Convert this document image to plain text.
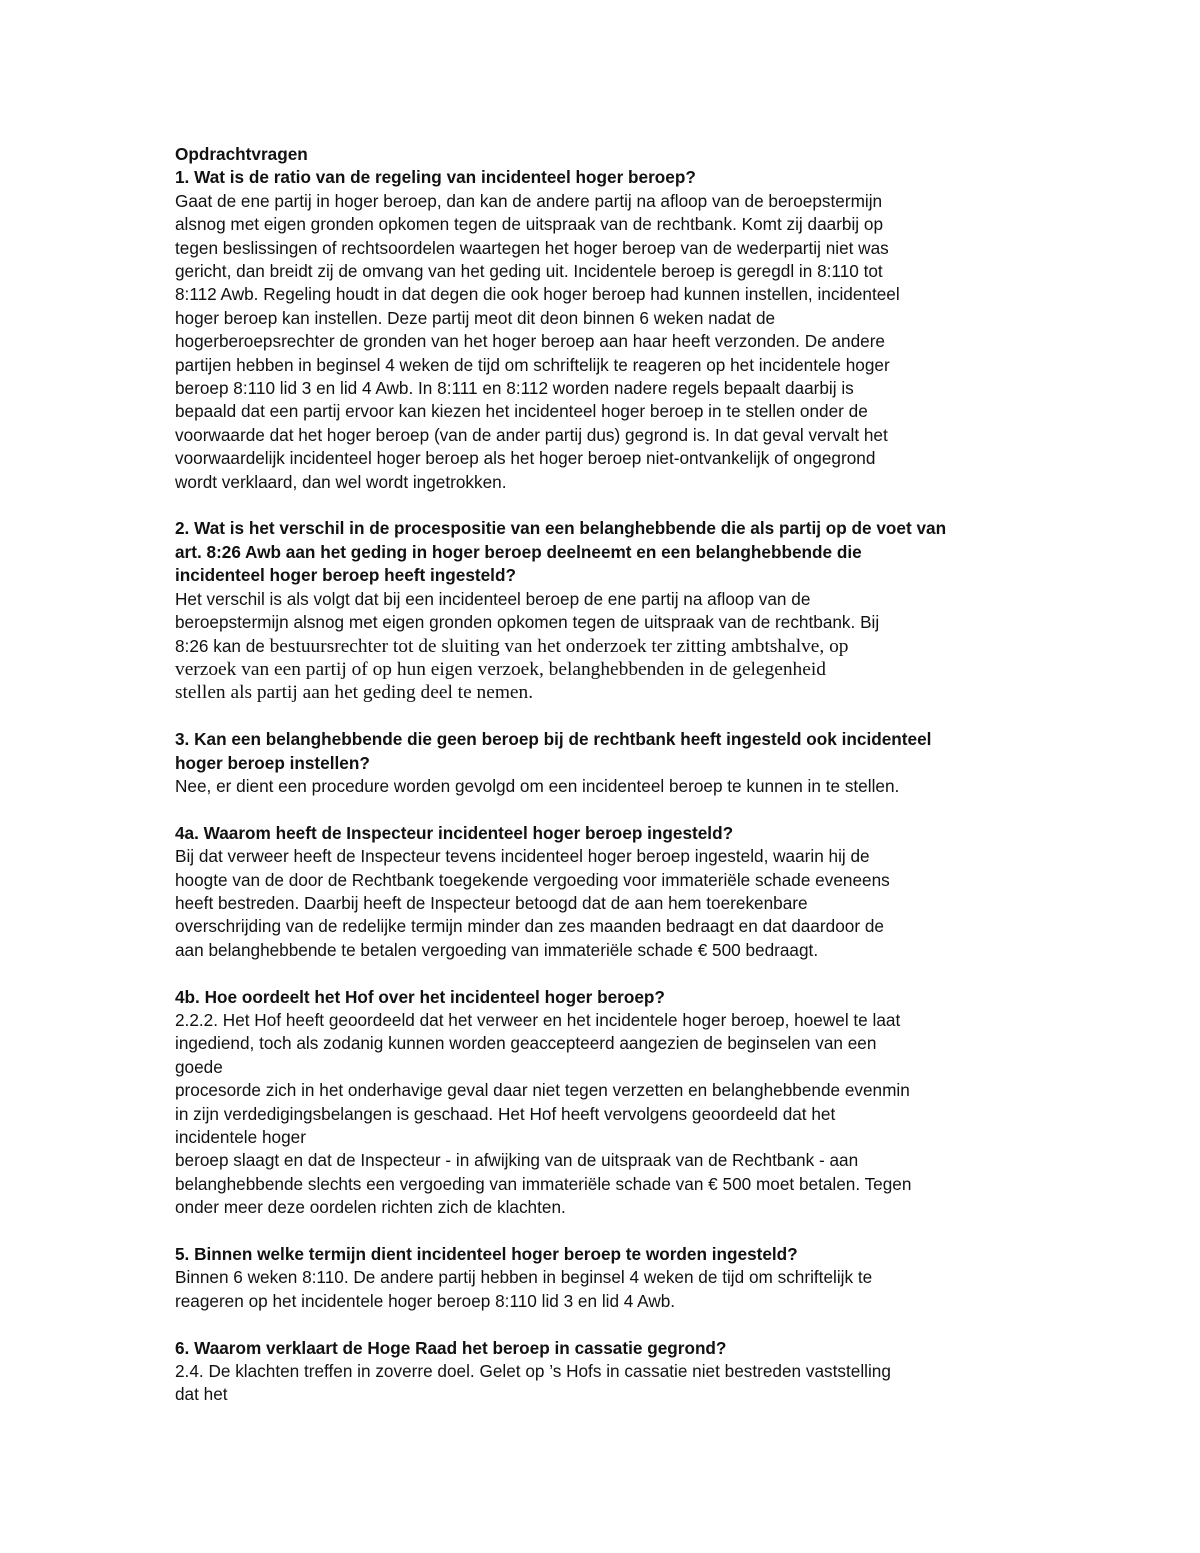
Opdrachtvragen

1. Wat is de ratio van de regeling van incidenteel hoger beroep?

Gaat de ene partij in hoger beroep, dan kan de andere partij na afloop van de beroepstermijn

alsnog met eigen gronden opkomen tegen de uitspraak van de rechtbank. Komt zij daarbij op

tegen beslissingen of rechtsoordelen waartegen het hoger beroep van de wederpartij niet was

gericht, dan breidt zij de omvang van het geding uit. Incidentele beroep is geregdl in 8:110 tot

8:112 Awb. Regeling houdt in dat degen die ook hoger beroep had kunnen instellen, incidenteel

hoger beroep kan instellen. Deze partij meot dit deon binnen 6 weken nadat de

hogerberoepsrechter de gronden van het hoger beroep aan haar heeft verzonden. De andere

partijen hebben in beginsel 4 weken de tijd om schriftelijk te reageren op het incidentele hoger

beroep 8:110 lid 3 en lid 4 Awb. In 8:111 en 8:112 worden nadere regels bepaalt daarbij is

bepaald dat een partij ervoor kan kiezen het incidenteel hoger beroep in te stellen onder de

voorwaarde dat het hoger beroep (van de ander partij dus) gegrond is. In dat geval vervalt het

voorwaardelijk incidenteel hoger beroep als het hoger beroep niet-ontvankelijk of ongegrond

wordt verklaard, dan wel wordt ingetrokken.

2. Wat is het verschil in de procespositie van een belanghebbende die als partij op de voet van

art. 8:26 Awb aan het geding in hoger beroep deelneemt en een belanghebbende die

incidenteel hoger beroep heeft ingesteld?

Het verschil is als volgt dat bij een incidenteel beroep de ene partij na afloop van de

beroepstermijn alsnog met eigen gronden opkomen tegen de uitspraak van de rechtbank. Bij

8:26 kan de bestuursrechter tot de sluiting van het onderzoek ter zitting ambtshalve, op

verzoek van een partij of op hun eigen verzoek, belanghebbenden in de gelegenheid

stellen als partij aan het geding deel te nemen.

3. Kan een belanghebbende die geen beroep bij de rechtbank heeft ingesteld ook incidenteel

hoger beroep instellen?

Nee, er dient een procedure worden gevolgd om een incidenteel beroep te kunnen in te stellen.

4a. Waarom heeft de Inspecteur incidenteel hoger beroep ingesteld?

Bij dat verweer heeft de Inspecteur tevens incidenteel hoger beroep ingesteld, waarin hij de

hoogte van de door de Rechtbank toegekende vergoeding voor immateriële schade eveneens

heeft bestreden. Daarbij heeft de Inspecteur betoogd dat de aan hem toerekenbare

overschrijding van de redelijke termijn minder dan zes maanden bedraagt en dat daardoor de

aan belanghebbende te betalen vergoeding van immateriële schade € 500 bedraagt.

4b. Hoe oordeelt het Hof over het incidenteel hoger beroep?

2.2.2. Het Hof heeft geoordeeld dat het verweer en het incidentele hoger beroep, hoewel te laat

ingediend, toch als zodanig kunnen worden geaccepteerd aangezien de beginselen van een

goede

procesorde zich in het onderhavige geval daar niet tegen verzetten en belanghebbende evenmin

in zijn verdedigingsbelangen is geschaad. Het Hof heeft vervolgens geoordeeld dat het

incidentele hoger

beroep slaagt en dat de Inspecteur - in afwijking van de uitspraak van de Rechtbank - aan

belanghebbende slechts een vergoeding van immateriële schade van € 500 moet betalen. Tegen

onder meer deze oordelen richten zich de klachten.

5. Binnen welke termijn dient incidenteel hoger beroep te worden ingesteld?

Binnen 6 weken 8:110. De andere partij hebben in beginsel 4 weken de tijd om schriftelijk te

reageren op het incidentele hoger beroep 8:110 lid 3 en lid 4 Awb.

6. Waarom verklaart de Hoge Raad het beroep in cassatie gegrond?

2.4. De klachten treffen in zoverre doel. Gelet op ’s Hofs in cassatie niet bestreden vaststelling

dat het
